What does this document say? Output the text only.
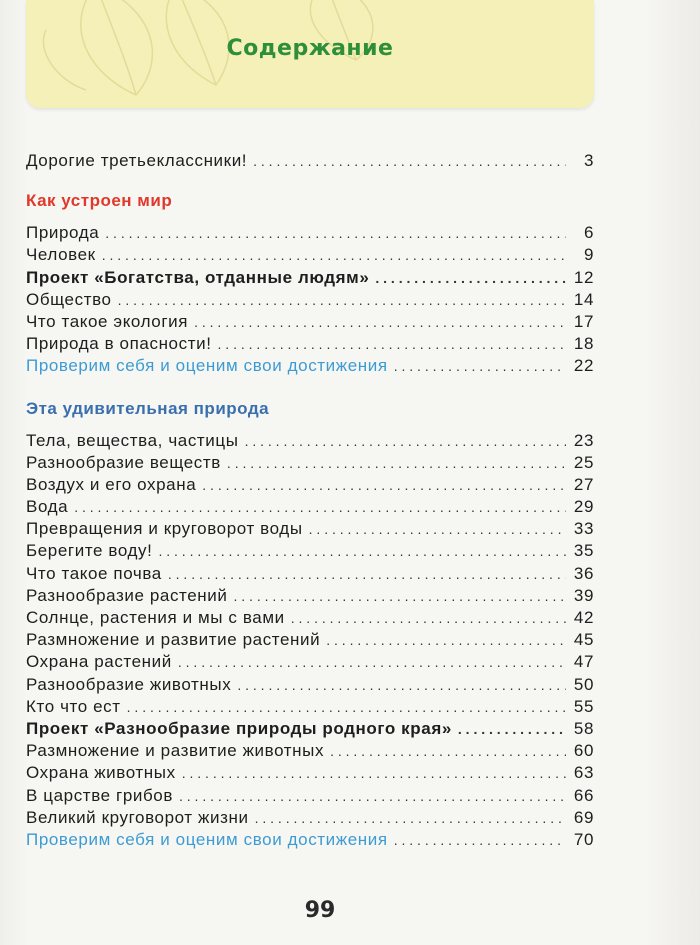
Содержание
Дорогие третьеклассники! . . .	3
Как устроен мир
Природа . . .	6
Человек . . .	9
Проект «Богатства, отданные людям» . . .	12
Общество . . .	14
Что такое экология . . .	17
Природа в опасности! . . .	18
Проверим себя и оценим свои достижения . . .	22
Эта удивительная природа
Тела, вещества, частицы . . .	23
Разнообразие веществ . . .	25
Воздух и его охрана . . .	27
Вода . . .	29
Превращения и круговорот воды . . .	33
Берегите воду! . . .	35
Что такое почва . . .	36
Разнообразие растений . . .	39
Солнце, растения и мы с вами . . .	42
Размножение и развитие растений . . .	45
Охрана растений . . .	47
Разнообразие животных . . .	50
Кто что ест . . .	55
Проект «Разнообразие природы родного края» . . .	58
Размножение и развитие животных . . .	60
Охрана животных . . .	63
В царстве грибов . . .	66
Великий круговорот жизни . . .	69
Проверим себя и оценим свои достижения . . .	70
99
